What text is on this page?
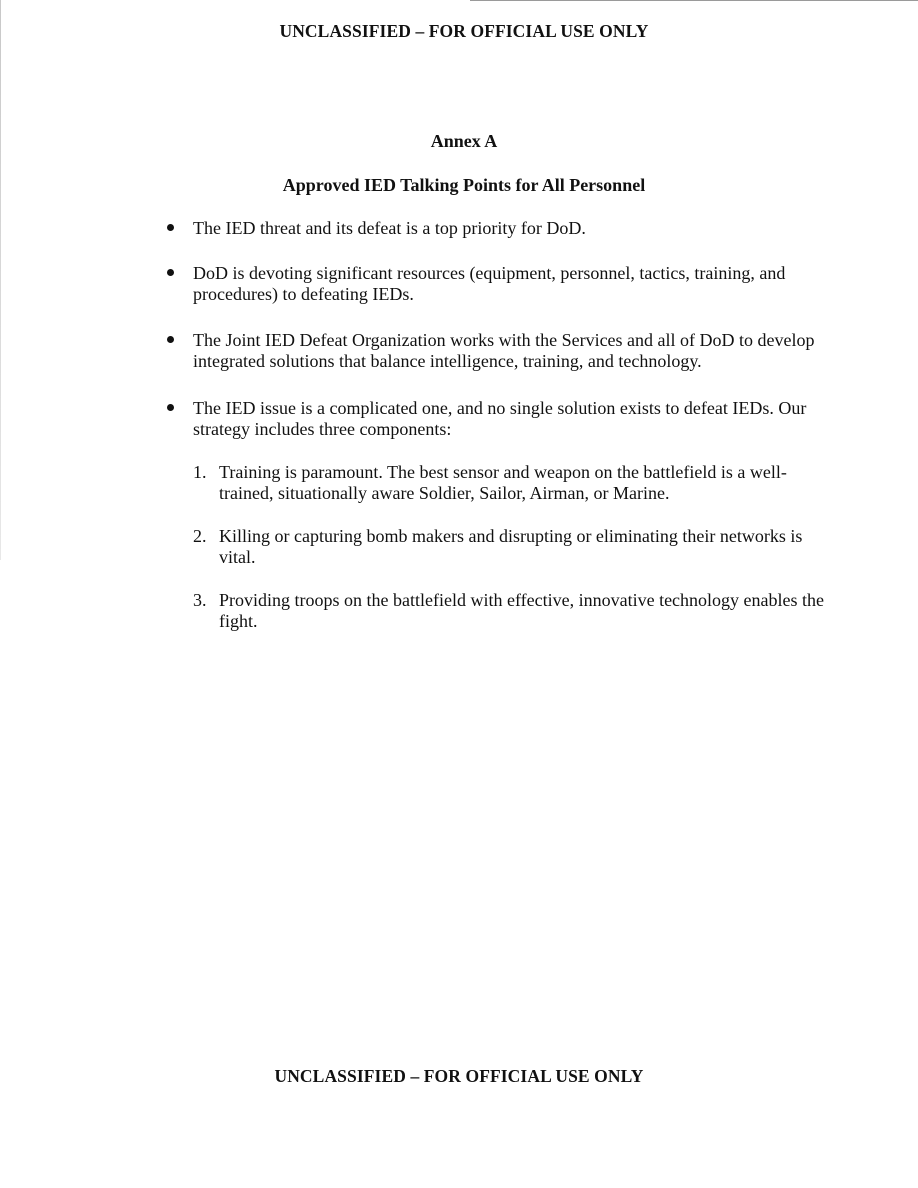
UNCLASSIFIED – FOR OFFICIAL USE ONLY
Annex A
Approved IED Talking Points for All Personnel
The IED threat and its defeat is a top priority for DoD.
DoD is devoting significant resources (equipment, personnel, tactics, training, and procedures) to defeating IEDs.
The Joint IED Defeat Organization works with the Services and all of DoD to develop integrated solutions that balance intelligence, training, and technology.
The IED issue is a complicated one, and no single solution exists to defeat IEDs. Our strategy includes three components:
1. Training is paramount. The best sensor and weapon on the battlefield is a well-trained, situationally aware Soldier, Sailor, Airman, or Marine.
2. Killing or capturing bomb makers and disrupting or eliminating their networks is vital.
3. Providing troops on the battlefield with effective, innovative technology enables the fight.
UNCLASSIFIED – FOR OFFICIAL USE ONLY
